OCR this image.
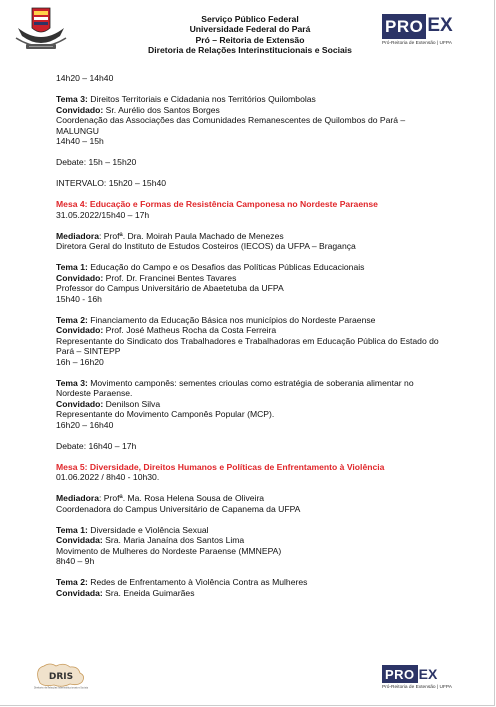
Serviço Público Federal
Universidade Federal do Pará
Pró – Reitoria de Extensão
Diretoria de Relações Interinstitucionais e Sociais
PRO EX
Pró-Reitoria de Extensão | UFPA

14h20 – 14h40

Tema 3: Direitos Territoriais e Cidadania nos Territórios Quilombolas

Convidado: Sr. Aurélio dos Santos Borges

Coordenação das Associações das Comunidades Remanescentes de Quilombos do Pará – MALUNGU

14h40 – 15h

Debate: 15h – 15h20

INTERVALO: 15h20 – 15h40

Mesa 4: Educação e Formas de Resistência Camponesa no Nordeste Paraense

31.05.2022/15h40 – 17h

Mediadora: Profª. Dra. Moirah Paula Machado de Menezes

Diretora Geral do Instituto de Estudos Costeiros (IECOS) da UFPA – Bragança

Tema 1: Educação do Campo e os Desafios das Políticas Públicas Educacionais

Convidado: Prof. Dr. Francinei Bentes Tavares

Professor do Campus Universitário de Abaetetuba da UFPA

15h40 - 16h

Tema 2: Financiamento da Educação Básica nos municípios do Nordeste Paraense

Convidado: Prof. José Matheus Rocha da Costa Ferreira

Representante do Sindicato dos Trabalhadores e Trabalhadoras em Educação Pública do Estado do Pará – SINTEPP

16h – 16h20

Tema 3: Movimento camponês: sementes crioulas como estratégia de soberania alimentar no Nordeste Paraense.

Convidado: Denilson Silva

Representante do Movimento Camponês Popular (MCP).

16h20 – 16h40

Debate: 16h40 – 17h

Mesa 5: Diversidade, Direitos Humanos e Políticas de Enfrentamento à Violência

01.06.2022 / 8h40 - 10h30.

Mediadora: Profª. Ma. Rosa Helena Sousa de Oliveira

Coordenadora do Campus Universitário de Capanema da UFPA

Tema 1: Diversidade e Violência Sexual

Convidada: Sra. Maria Janaína dos Santos Lima

Movimento de Mulheres do Nordeste Paraense (MMNEPA)

8h40 – 9h

Tema 2: Redes de Enfrentamento à Violência Contra as Mulheres

Convidada: Sra. Eneida Guimarães

DRIS
Diretoria de Relações Interinstitucionais e Sociais
PRO EX
Pró-Reitoria de Extensão | UFPA
